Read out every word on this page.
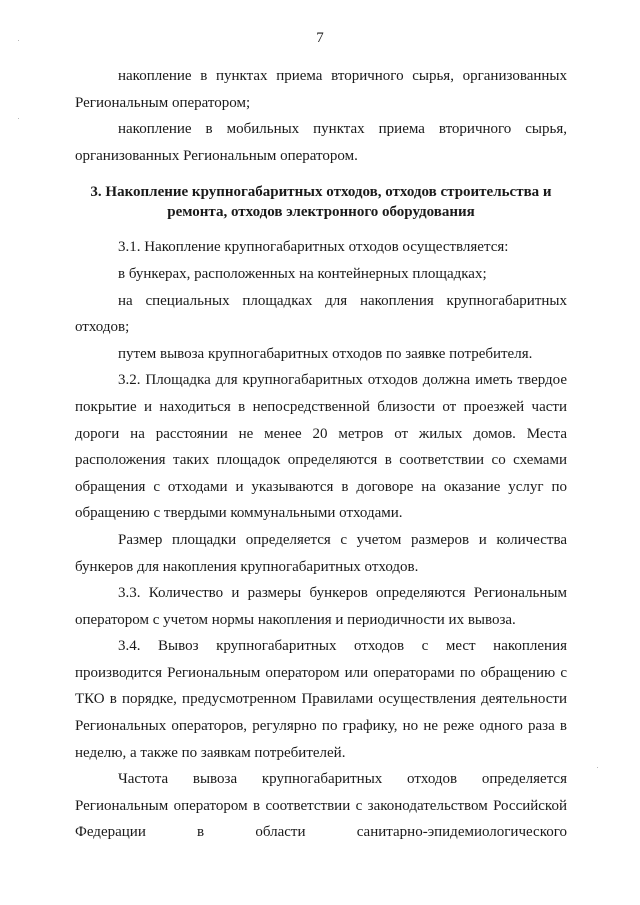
7

накопление в пунктах приема вторичного сырья, организованных Региональным оператором;

накопление в мобильных пунктах приема вторичного сырья, организованных Региональным оператором.

3. Накопление крупногабаритных отходов, отходов строительства и ремонта, отходов электронного оборудования

3.1. Накопление крупногабаритных отходов осуществляется:

в бункерах, расположенных на контейнерных площадках;

на специальных площадках для накопления крупногабаритных отходов;

путем вывоза крупногабаритных отходов по заявке потребителя.

3.2. Площадка для крупногабаритных отходов должна иметь твердое покрытие и находиться в непосредственной близости от проезжей части дороги на расстоянии не менее 20 метров от жилых домов. Места расположения таких площадок определяются в соответствии со схемами обращения с отходами и указываются в договоре на оказание услуг по обращению с твердыми коммунальными отходами.

Размер площадки определяется с учетом размеров и количества бункеров для накопления крупногабаритных отходов.

3.3. Количество и размеры бункеров определяются Региональным оператором с учетом нормы накопления и периодичности их вывоза.

3.4. Вывоз крупногабаритных отходов с мест накопления производится Региональным оператором или операторами по обращению с ТКО в порядке, предусмотренном Правилами осуществления деятельности Региональных операторов, регулярно по графику, но не реже одного раза в неделю, а также по заявкам потребителей.

Частота вывоза крупногабаритных отходов определяется Региональным оператором в соответствии с законодательством Российской Федерации в области санитарно-эпидемиологического
